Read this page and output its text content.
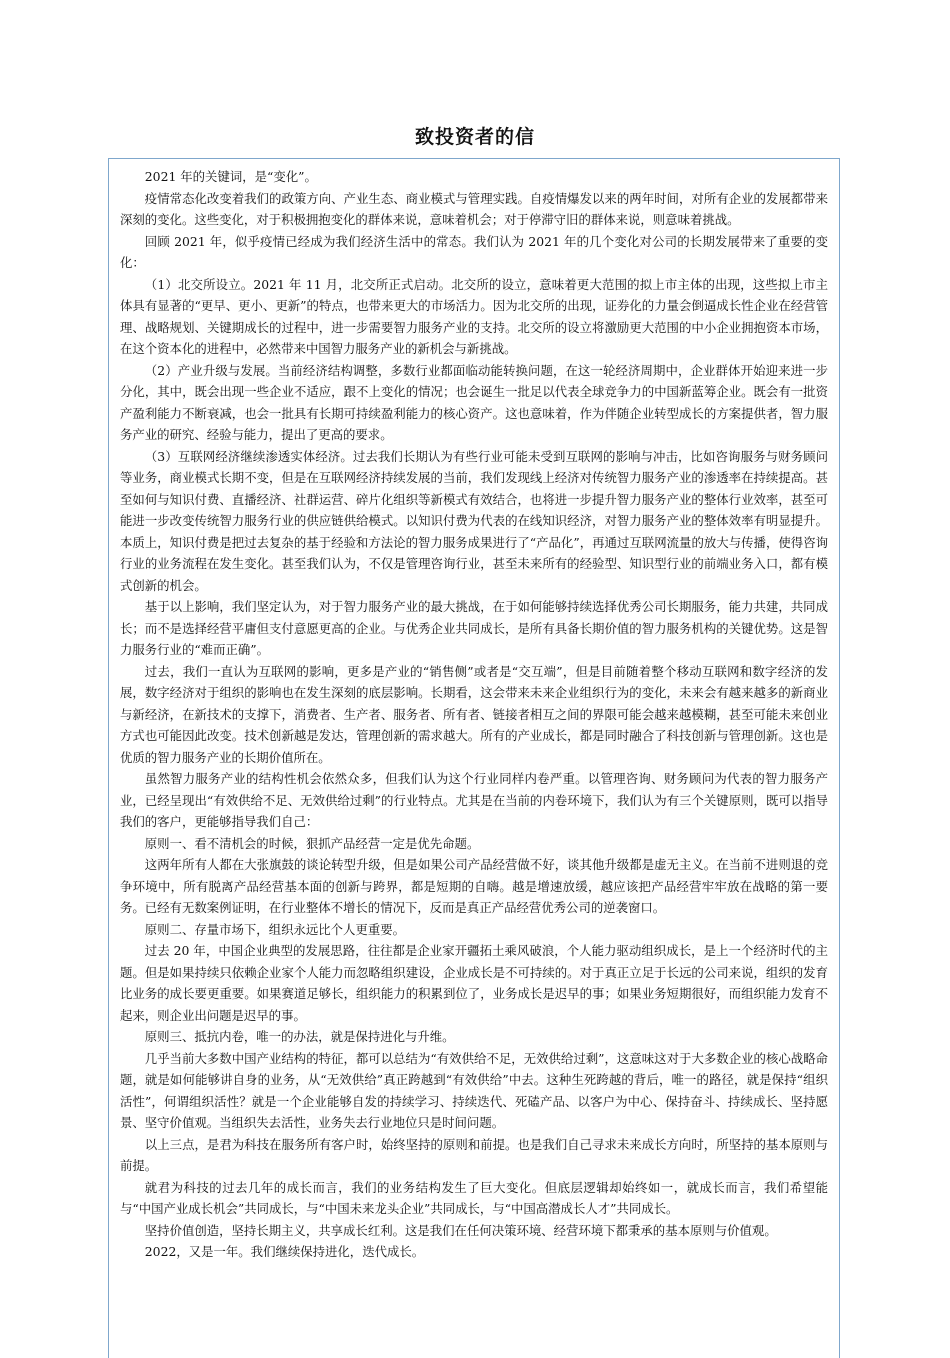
致投资者的信

2021 年的关键词，是“变化”。

疫情常态化改变着我们的政策方向、产业生态、商业模式与管理实践。自疫情爆发以来的两年时间，对所有企业的发展都带来深刻的变化。这些变化，对于积极拥抱变化的群体来说，意味着机会；对于停滞守旧的群体来说，则意味着挑战。

回顾 2021 年，似乎疫情已经成为我们经济生活中的常态。我们认为 2021 年的几个变化对公司的长期发展带来了重要的变化：

（1）北交所设立。2021 年 11 月，北交所正式启动。北交所的设立，意味着更大范围的拟上市主体的出现，这些拟上市主体具有显著的“更早、更小、更新”的特点，也带来更大的市场活力。因为北交所的出现，证券化的力量会倒逼成长性企业在经营管理、战略规划、关键期成长的过程中，进一步需要智力服务产业的支持。北交所的设立将激励更大范围的中小企业拥抱资本市场，在这个资本化的进程中，必然带来中国智力服务产业的新机会与新挑战。

（2）产业升级与发展。当前经济结构调整，多数行业都面临动能转换问题，在这一轮经济周期中，企业群体开始迎来进一步分化，其中，既会出现一些企业不适应，跟不上变化的情况；也会诞生一批足以代表全球竞争力的中国新蓝筹企业。既会有一批资产盈利能力不断衰减，也会一批具有长期可持续盈利能力的核心资产。这也意味着，作为伴随企业转型成长的方案提供者，智力服务产业的研究、经验与能力，提出了更高的要求。

（3）互联网经济继续渗透实体经济。过去我们长期认为有些行业可能未受到互联网的影响与冲击，比如咨询服务与财务顾问等业务，商业模式长期不变，但是在互联网经济持续发展的当前，我们发现线上经济对传统智力服务产业的渗透率在持续提高。甚至如何与知识付费、直播经济、社群运营、碎片化组织等新模式有效结合，也将进一步提升智力服务产业的整体行业效率，甚至可能进一步改变传统智力服务行业的供应链供给模式。以知识付费为代表的在线知识经济，对智力服务产业的整体效率有明显提升。本质上，知识付费是把过去复杂的基于经验和方法论的智力服务成果进行了“产品化”，再通过互联网流量的放大与传播，使得咨询行业的业务流程在发生变化。甚至我们认为，不仅是管理咨询行业，甚至未来所有的经验型、知识型行业的前端业务入口，都有模式创新的机会。

基于以上影响，我们坚定认为，对于智力服务产业的最大挑战，在于如何能够持续选择优秀公司长期服务，能力共建，共同成长；而不是选择经营平庸但支付意愿更高的企业。与优秀企业共同成长，是所有具备长期价值的智力服务机构的关键优势。这是智力服务行业的“难而正确”。

过去，我们一直认为互联网的影响，更多是产业的“销售侧”或者是“交互端”，但是目前随着整个移动互联网和数字经济的发展，数字经济对于组织的影响也在发生深刻的底层影响。长期看，这会带来未来企业组织行为的变化，未来会有越来越多的新商业与新经济，在新技术的支撑下，消费者、生产者、服务者、所有者、链接者相互之间的界限可能会越来越模糊，甚至可能未来创业方式也可能因此改变。技术创新越是发达，管理创新的需求越大。所有的产业成长，都是同时融合了科技创新与管理创新。这也是优质的智力服务产业的长期价值所在。

虽然智力服务产业的结构性机会依然众多，但我们认为这个行业同样内卷严重。以管理咨询、财务顾问为代表的智力服务产业，已经呈现出“有效供给不足、无效供给过剩”的行业特点。尤其是在当前的内卷环境下，我们认为有三个关键原则，既可以指导我们的客户，更能够指导我们自己：

原则一、看不清机会的时候，狠抓产品经营一定是优先命题。

这两年所有人都在大张旗鼓的谈论转型升级，但是如果公司产品经营做不好，谈其他升级都是虚无主义。在当前不进则退的竞争环境中，所有脱离产品经营基本面的创新与跨界，都是短期的自嗨。越是增速放缓，越应该把产品经营牢牢放在战略的第一要务。已经有无数案例证明，在行业整体不增长的情况下，反而是真正产品经营优秀公司的逆袭窗口。

原则二、存量市场下，组织永远比个人更重要。

过去 20 年，中国企业典型的发展思路，往往都是企业家开疆拓土乘风破浪，个人能力驱动组织成长，是上一个经济时代的主题。但是如果持续只依赖企业家个人能力而忽略组织建设，企业成长是不可持续的。对于真正立足于长远的公司来说，组织的发育比业务的成长要更重要。如果赛道足够长，组织能力的积累到位了，业务成长是迟早的事；如果业务短期很好，而组织能力发育不起来，则企业出问题是迟早的事。

原则三、抵抗内卷，唯一的办法，就是保持进化与升维。

几乎当前大多数中国产业结构的特征，都可以总结为“有效供给不足，无效供给过剩”，这意味这对于大多数企业的核心战略命题，就是如何能够讲自身的业务，从“无效供给”真正跨越到“有效供给”中去。这种生死跨越的背后，唯一的路径，就是保持“组织活性”，何谓组织活性？就是一个企业能够自发的持续学习、持续迭代、死磕产品、以客户为中心、保持奋斗、持续成长、坚持愿景、坚守价值观。当组织失去活性，业务失去行业地位只是时间问题。

以上三点，是君为科技在服务所有客户时，始终坚持的原则和前提。也是我们自己寻求未来成长方向时，所坚持的基本原则与前提。

就君为科技的过去几年的成长而言，我们的业务结构发生了巨大变化。但底层逻辑却始终如一，就成长而言，我们希望能与“中国产业成长机会”共同成长，与“中国未来龙头企业”共同成长，与“中国高潜成长人才”共同成长。

坚持价值创造，坚持长期主义，共享成长红利。这是我们在任何决策环境、经营环境下都秉承的基本原则与价值观。

2022，又是一年。我们继续保持进化，迭代成长。
